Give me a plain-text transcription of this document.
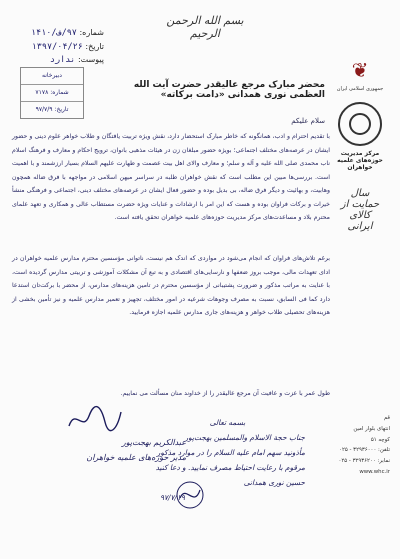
بسم الله الرحمن الرحیم
شماره: ۹۷/ف/۱۴۱۰
تاریخ: ۱۳۹۷/۰۴/۲۶
پیوست: ندارد
دبیرخانه
شماره: ۷۱۷۸
تاریخ: ۹۷/۷/۹
❦
جمهوری اسلامی ایران
مرکز مدیریت حوزه‌های علمیه خواهران
سال حمایت از کالای ایرانی
محضر مبارک مرجع عالیقدر حضرت آیت الله العظمی نوری همدانی «دامت برکاته»
سلام علیکم
با تقدیم احترام و ادب، همانگونه که خاطر مبارک استحضار دارد، نقش ویژه تربیت یافتگان و طلاب خواهر علوم دینی و حضور ایشان در عرصه‌های مختلف اجتماعی؛ بویژه حضور مبلغان زن در هیئات مذهبی بانوان، ترویج احکام و معارف و فرهنگ اسلام ناب محمدی صلی الله علیه و آله و سلم؛ و معارف والای اهل بیت عصمت و طهارت علیهم السلام بسیار ارزشمند و با اهمیت است. بررسی‌ها مبین این مطلب است که نقش خواهران طلبه در سراسر میهن اسلامی در مواجهه با فرق ضاله همچون وهابیت، و بهائیت و دیگر فرق ضاله، بی بدیل بوده و حضور فعال ایشان در عرصه‌های مختلف دینی، اجتماعی و فرهنگی منشأ خیرات و برکات فراوان بوده و هست که این امر با ارشادات و عنایات ویژه حضرت مستطاب عالی و همکاری و تعهد علمای محترم بلاد و مساعدت‌های مرکز مدیریت حوزه‌های علمیه خواهران تحقق یافته است.
برغم تلاش‌های فراوان که انجام می‌شود در مواردی که اندک هم نیست، ناتوانی مؤسسین محترم مدارس علمیه خواهران در ادای تعهدات مالی، موجب بروز ضعفها و نارسایی‌های اقتصادی و به تبع آن مشکلات آموزشی و تربیتی مدارس گردیده است، با عنایت به مراتب مذکور و ضرورت پشتیبانی از مؤسسین محترم در تامین هزینه‌های مدارس، از محضر با برکت‌تان استدعا دارد کما فی السابق، نسبت به مصرف وجوهات شرعیه در امور مختلف، تجهیز و تعمیر مدارس علمیه و نیز تأمین بخشی از هزینه‌های تحصیلی طلاب خواهر و هزینه‌های جاری مدارس علمیه اجازه فرمایید.
طول عمر با عزت و عافیت آن مرجع عالیقدر را از خداوند منان مسألت می نماییم.
عبدالکریم بهجت‌پور
مدیر حوزه‌های علمیه خواهران
بسمه تعالی
جناب حجة الاسلام والمسلمین بهجت‌پور
مأذونید سهم امام علیه السلام را در موارد مذکور
مرقوم با رعایت احتیاط مصرف نمایید. و دعا کنید
حسین نوری همدانی
۹۷/۷/۱۹
قم
انتهای بلوار امین
کوچه ۵۱
تلفن: ۳۲۹۳۶۰۰۰ - ۰۲۵
نمابر: ۳۲۹۳۶۲۰۰ - ۰۲۵
www.whc.ir
